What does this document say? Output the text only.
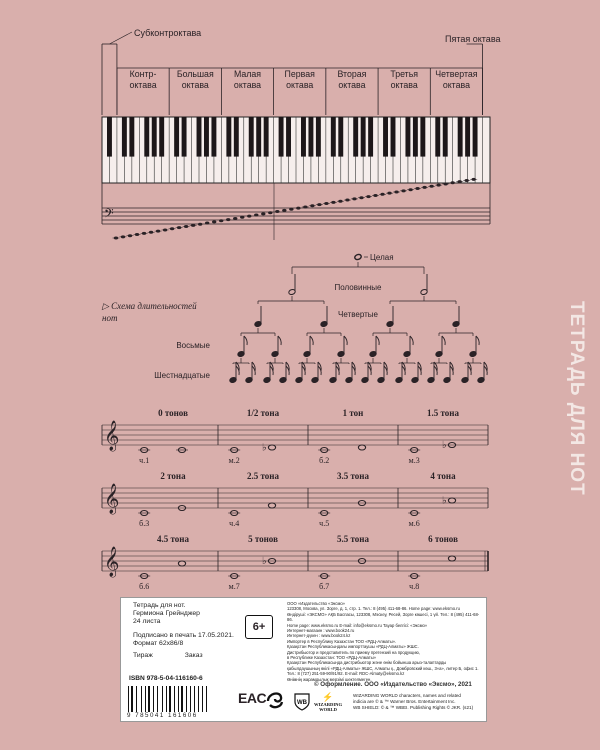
ТЕТРАДЬ ДЛЯ НОТ
Субконтроктава
Пятая октава
Контр-
октава
Большая
октава
Малая
октава
Первая
октава
Вторая
октава
Третья
октава
Четвертая
октава
𝄢
Целая
Половинные
Четвертые
Восьмые
Шестнадцатые
▷ Схема длительностей
нот
𝄞
0 тонов
ч.1
1/2 тона
м.2
♭
1 тон
б.2
1.5 тона
м.3
♭
𝄞
2 тона
б.3
2.5 тона
ч.4
3.5 тона
ч.5
4 тона
м.6
♭
𝄞
4.5 тона
б.6
5 тонов
м.7
♭
5.5 тона
б.7
6 тонов
ч.8
Тетрадь для нот.
Гермиона Грейнджер
24 листа
Подписано в печать 17.05.2021.
Формат 62х86/8
Тираж	Заказ
6+
ООО «Издательство «Эксмо»
123308, Москва, ул. Зорге, д. 1, стр. 1. Тел.: 8 (495) 411-68-86. Home page: www.eksmo.ru
Өндіруші: «ЭКСМО» АҚБ Баспасы, 123308, Мәскеу, Ресей, Зорге көшесі, 1 үй. Тел.: 8 (495) 411-68-86.
Home page: www.eksmo.ru E-mail: info@eksmo.ru Тауар белгісі: «Эксмо»
Интернет-магазин : www.book24.ru
Интернет-дүкен : www.book24.kz
Импортер в Республику Казахстан ТОО «РДЦ-Алматы».
Қазақстан Республикасындағы импорттаушы «РДЦ-Алматы» ЖШС.
Дистрибьютор и представитель по приему претензий на продукцию,
в Республике Казахстан: ТОО «РДЦ-Алматы»
Қазақстан Республикасында дистрибьютор және өнім бойынша арыз-талаптарды
қабылдаушының өкілі «РДЦ-Алматы» ЖШС, Алматы қ., Домбровский көш., 3«а», литер Б, офис 1.
Тел.: 8 (727) 251-59-90/91/92. E-mail: RDC-Almaty@eksmo.kz
Өнімнің жарамдылық мерзімі шектелмеген.
ISBN 978-5-04-116160-6
9 785041 161606
EAC	WB
⚡
WIZARDING
WORLD
WIZARDING WORLD characters, names and related
indicia are © & ™ Warner Bros. Entertainment Inc.
WB SHIELD: © & ™ WBEI. Publishing Rights © JKR. (s21)
© Оформление. ООО «Издательство «Эксмо», 2021
